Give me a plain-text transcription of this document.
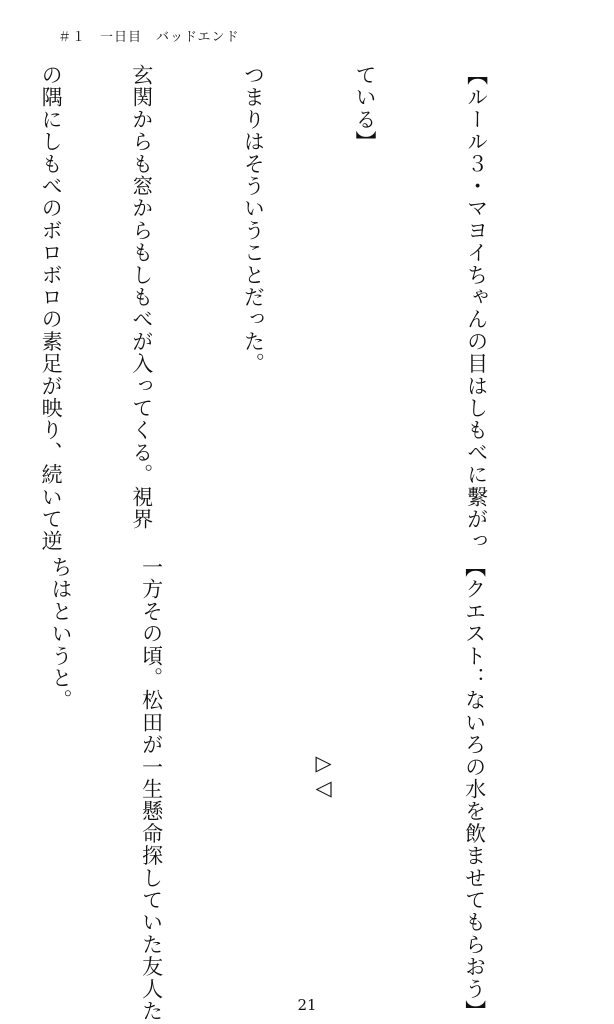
＃１　一日目　バッドエンド

【ルール３・マヨイちゃんの目はしもべに繫がっ

ている】

つまりはそういうことだった。

玄関からも窓からもしもべが入ってくる。視界

の隅にしもべのボロボロの素足が映り、続いて逆

【クエスト：ないろの水を飲ませてもらおう】

▷◁

一方その頃。松田が一生懸命探していた友人た

ちはというと。

21
